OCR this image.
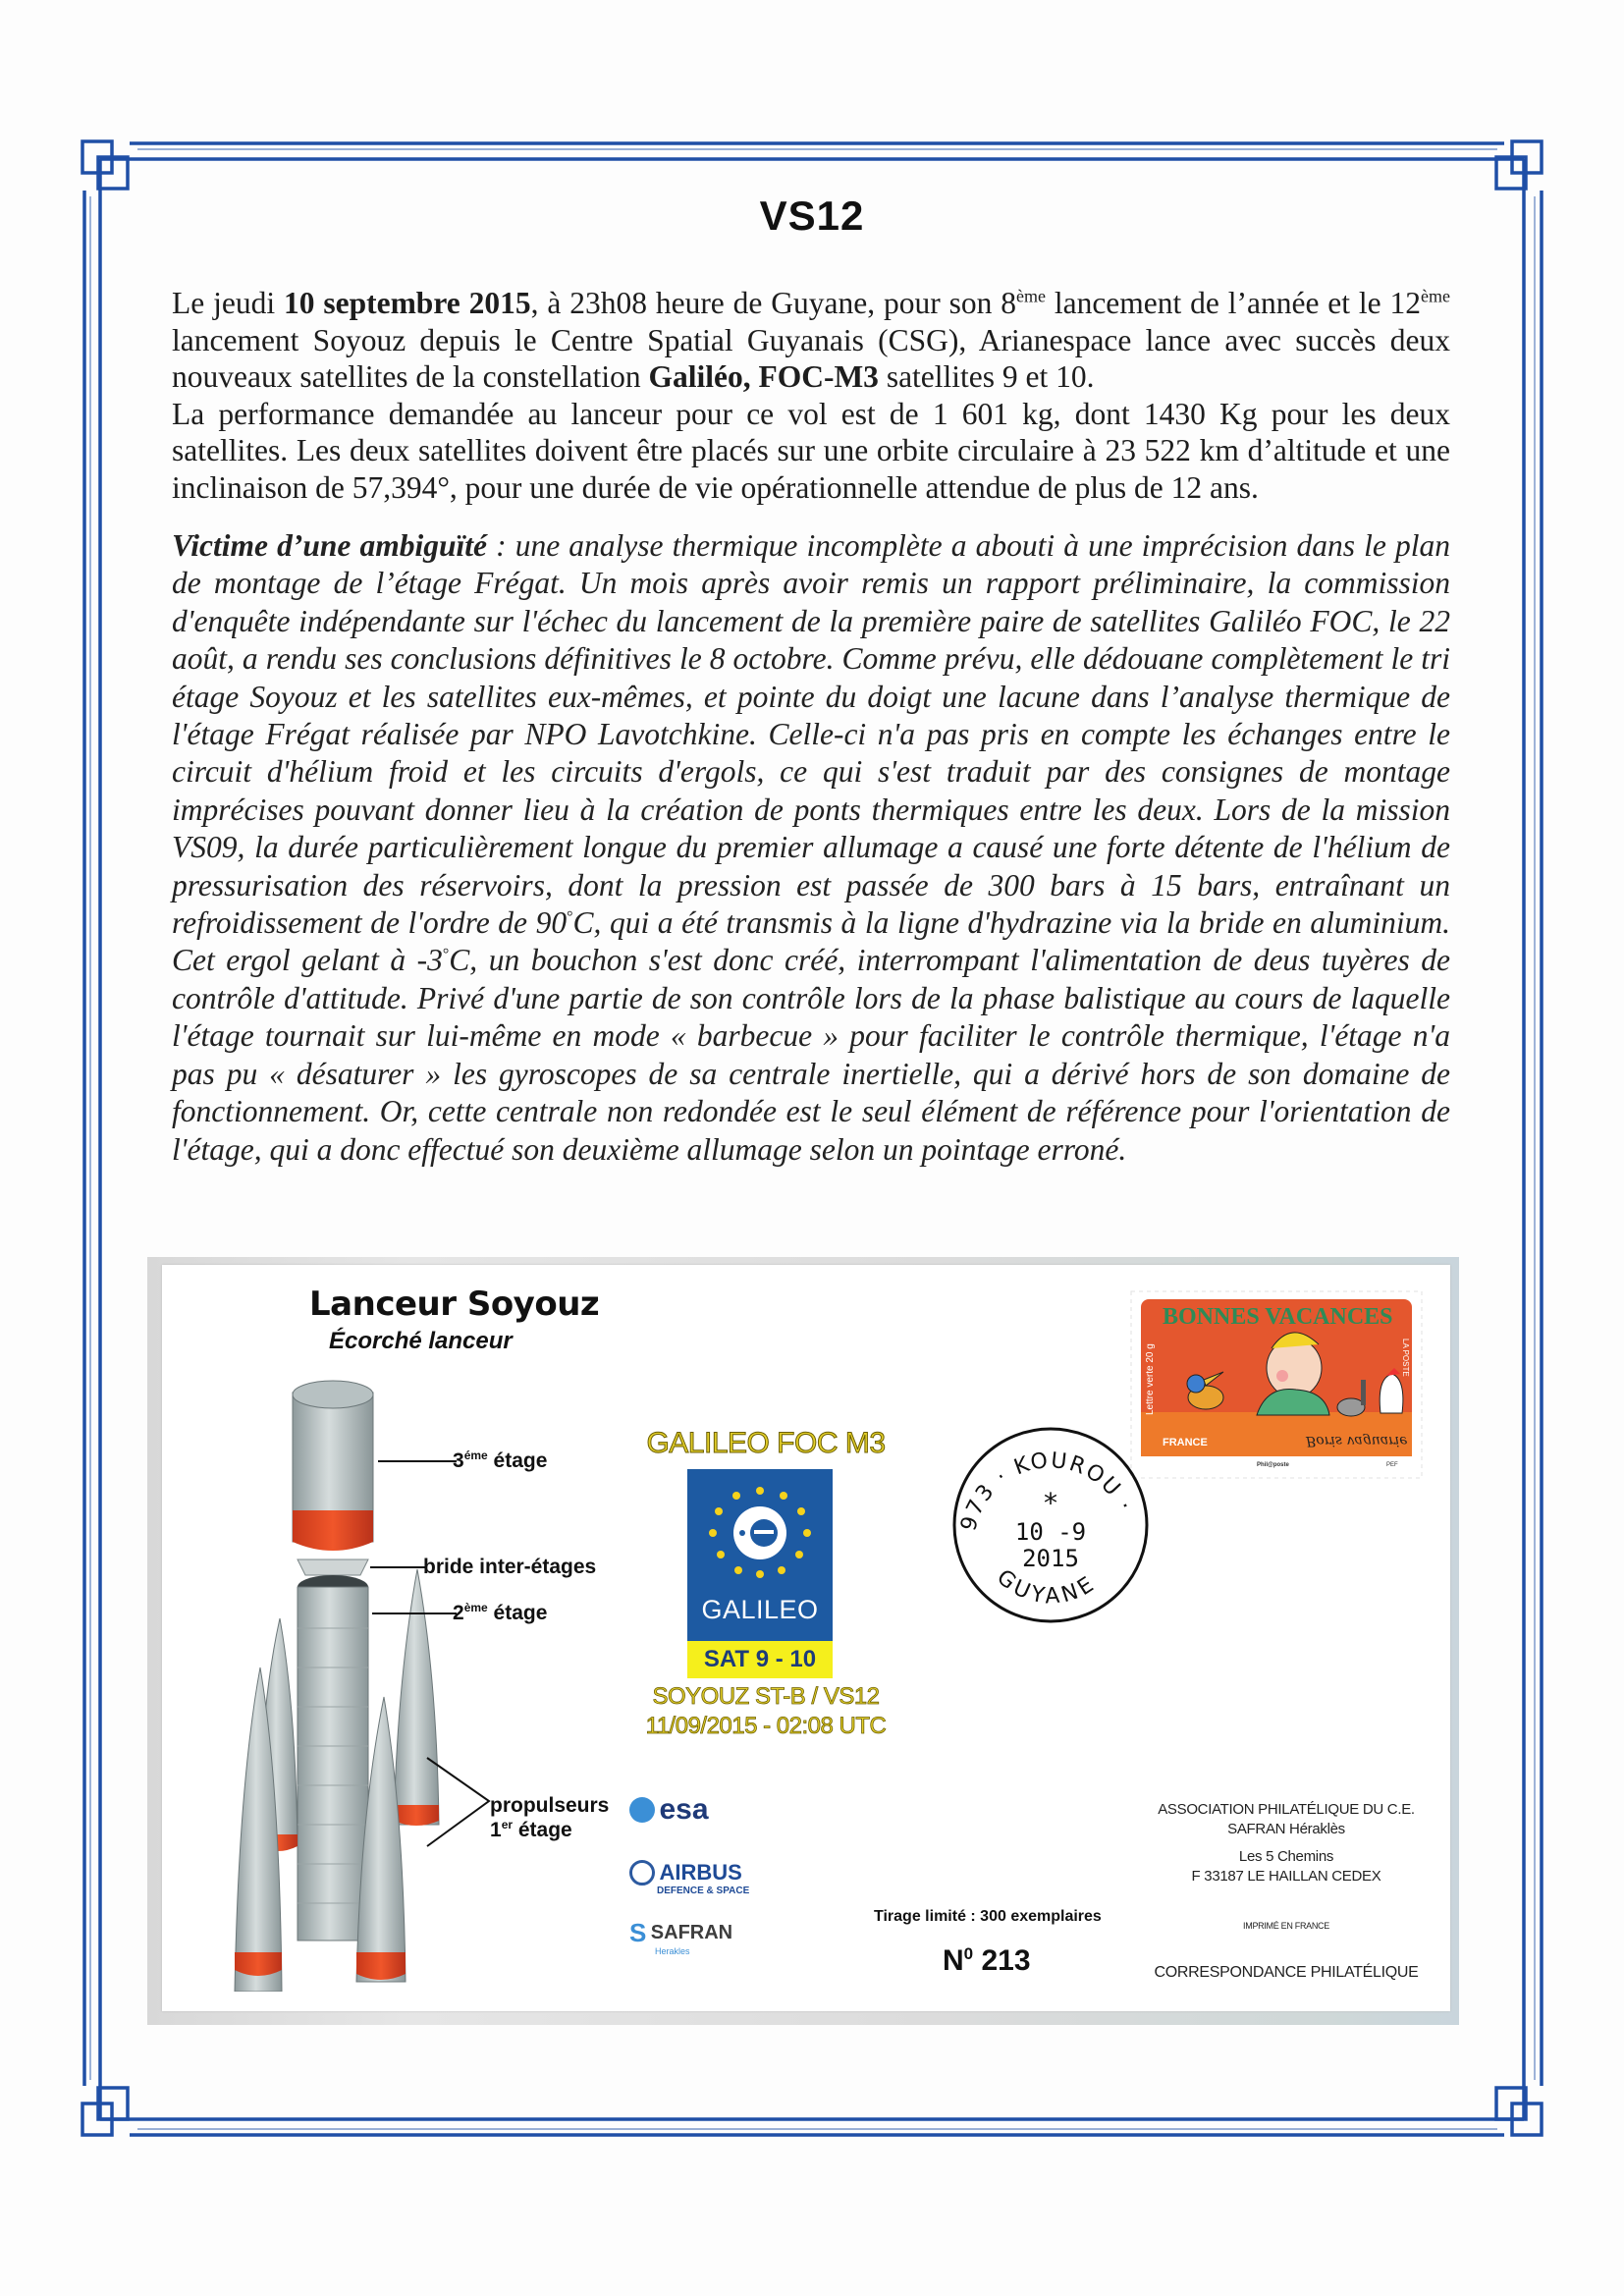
VS12

Le jeudi 10 septembre 2015, à 23h08 heure de Guyane, pour son 8ème lancement de l’année et le 12ème lancement Soyouz depuis le Centre Spatial Guyanais (CSG), Arianespace lance avec succès deux nouveaux satellites de la constellation Galiléo, FOC-M3 satellites 9 et 10.

La performance demandée au lanceur pour ce vol est de 1 601 kg, dont 1430 Kg pour les deux satellites. Les deux satellites doivent être placés sur une orbite circulaire à 23 522 km d’altitude et une inclinaison de 57,394°, pour une durée de vie opérationnelle attendue de plus de 12 ans.

Victime d’une ambiguïté : une analyse thermique incomplète a abouti à une imprécision dans le plan de montage de l’étage Frégat. Un mois après avoir remis un rapport préliminaire, la commission d'enquête indépendante sur l'échec du lancement de la première paire de satellites Galiléo FOC, le 22 août, a rendu ses conclusions définitives le 8 octobre. Comme prévu, elle dédouane complètement le tri étage Soyouz et les satellites eux-mêmes, et pointe du doigt une lacune dans l’analyse thermique de l'étage Frégat réalisée par NPO Lavotchkine. Celle-ci n'a pas pris en compte les échanges entre le circuit d'hélium froid et les circuits d'ergols, ce qui s'est traduit par des consignes de montage imprécises pouvant donner lieu à la création de ponts thermiques entre les deux. Lors de la mission VS09, la durée particulièrement longue du premier allumage a causé une forte détente de l'hélium de pressurisation des réservoirs, dont la pression est passée de 300 bars à 15 bars, entraînant un refroidissement de l'ordre de 90°C, qui a été transmis à la ligne d'hydrazine via la bride en aluminium. Cet ergol gelant à -3°C, un bouchon s'est donc créé, interrompant l'alimentation de deus tuyères de contrôle d'attitude. Privé d'une partie de son contrôle lors de la phase balistique au cours de laquelle l'étage tournait sur lui-même en mode « barbecue » pour faciliter le contrôle thermique, l'étage n'a pas pu « désaturer » les gyroscopes de sa centrale inertielle, qui a dérivé hors de son domaine de fonctionnement. Or, cette centrale non redondée est le seul élément de référence pour l'orientation de l'étage, qui a donc effectué son deuxième allumage selon un pointage erroné.
Lanceur Soyouz
Écorché lanceur
$3^{éme}$ étage
bride inter-étages
2ème étage
propulseurs
1er étage
GALILEO FOC M3
GALILEO
SAT 9 - 10
SOYOUZ ST-B / VS12
11/09/2015 - 02:08 UTC
BONNES VACANCES
LA POSTE
Lettre verte 20 g
FRANCE	Boris vaguarie
Phil@poste	PEF
973 · KOUROU ·
GUYANE
*
10 -9
2015
esa
AIRBUS
DEFENCE & SPACE
S SAFRAN
Herakles
Tirage limité : 300 exemplaires
$N^0$ 213
ASSOCIATION PHILATÉLIQUE DU C.E.
SAFRAN Héraklès
Les 5 Chemins
F 33187 LE HAILLAN CEDEX
IMPRIMÉ EN FRANCE
CORRESPONDANCE PHILATÉLIQUE
